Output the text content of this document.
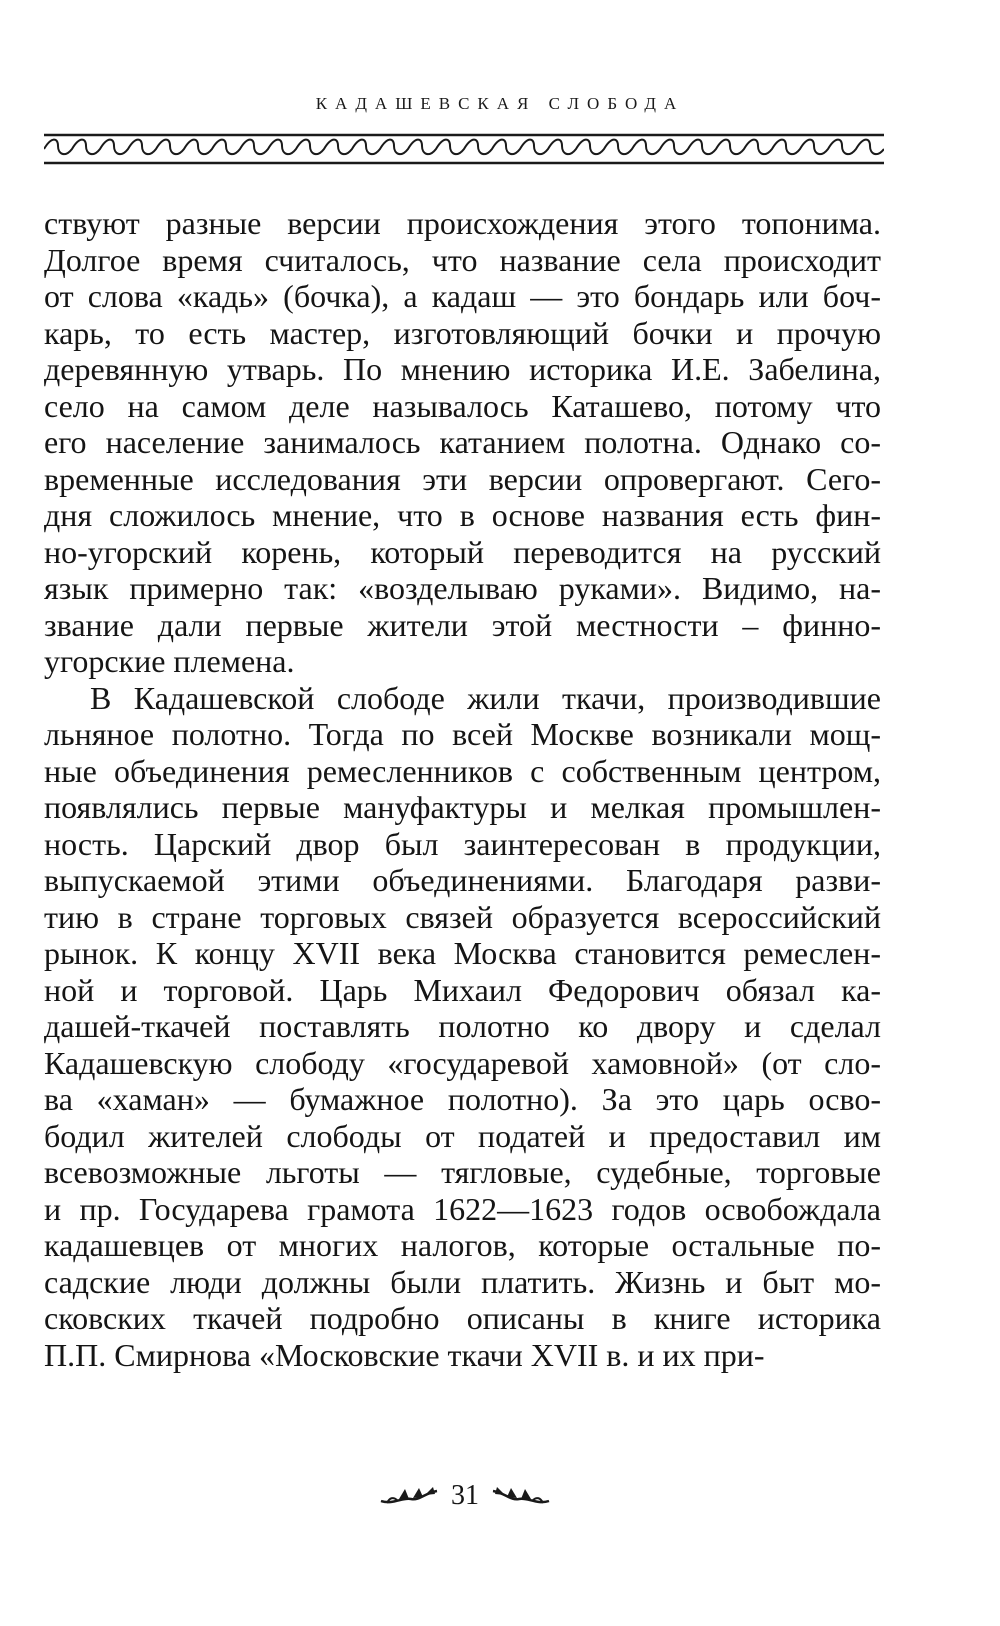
КАДАШЕВСКАЯ СЛОБОДА
ствуют разные версии происхождения этого топонима.
Долгое время считалось, что название села происходит
от слова «кадь» (бочка), а кадаш — это бондарь или боч-
карь, то есть мастер, изготовляющий бочки и прочую
деревянную утварь. По мнению историка И.Е. Забелина,
село на самом деле называлось Каташево, потому что
его население занималось катанием полотна. Однако со-
временные исследования эти версии опровергают. Сего-
дня сложилось мнение, что в основе названия есть фин-
но-угорский корень, который переводится на русский
язык примерно так: «возделываю руками». Видимо, на-
звание дали первые жители этой местности – финно-
угорские племена.
В Кадашевской слободе жили ткачи, производившие
льняное полотно. Тогда по всей Москве возникали мощ-
ные объединения ремесленников с собственным центром,
появлялись первые мануфактуры и мелкая промышлен-
ность. Царский двор был заинтересован в продукции,
выпускаемой этими объединениями. Благодаря разви-
тию в стране торговых связей образуется всероссийский
рынок. К концу XVII века Москва становится ремеслен-
ной и торговой. Царь Михаил Федорович обязал ка-
дашей-ткачей поставлять полотно ко двору и сделал
Кадашевскую слободу «государевой хамовной» (от сло-
ва «хаман» — бумажное полотно). За это царь осво-
бодил жителей слободы от податей и предоставил им
всевозможные льготы — тягловые, судебные, торговые
и пр. Государева грамота 1622—1623 годов освобождала
кадашевцев от многих налогов, которые остальные по-
садские люди должны были платить. Жизнь и быт мо-
сковских ткачей подробно описаны в книге историка
П.П. Смирнова «Московские ткачи XVII в. и их при-
31
